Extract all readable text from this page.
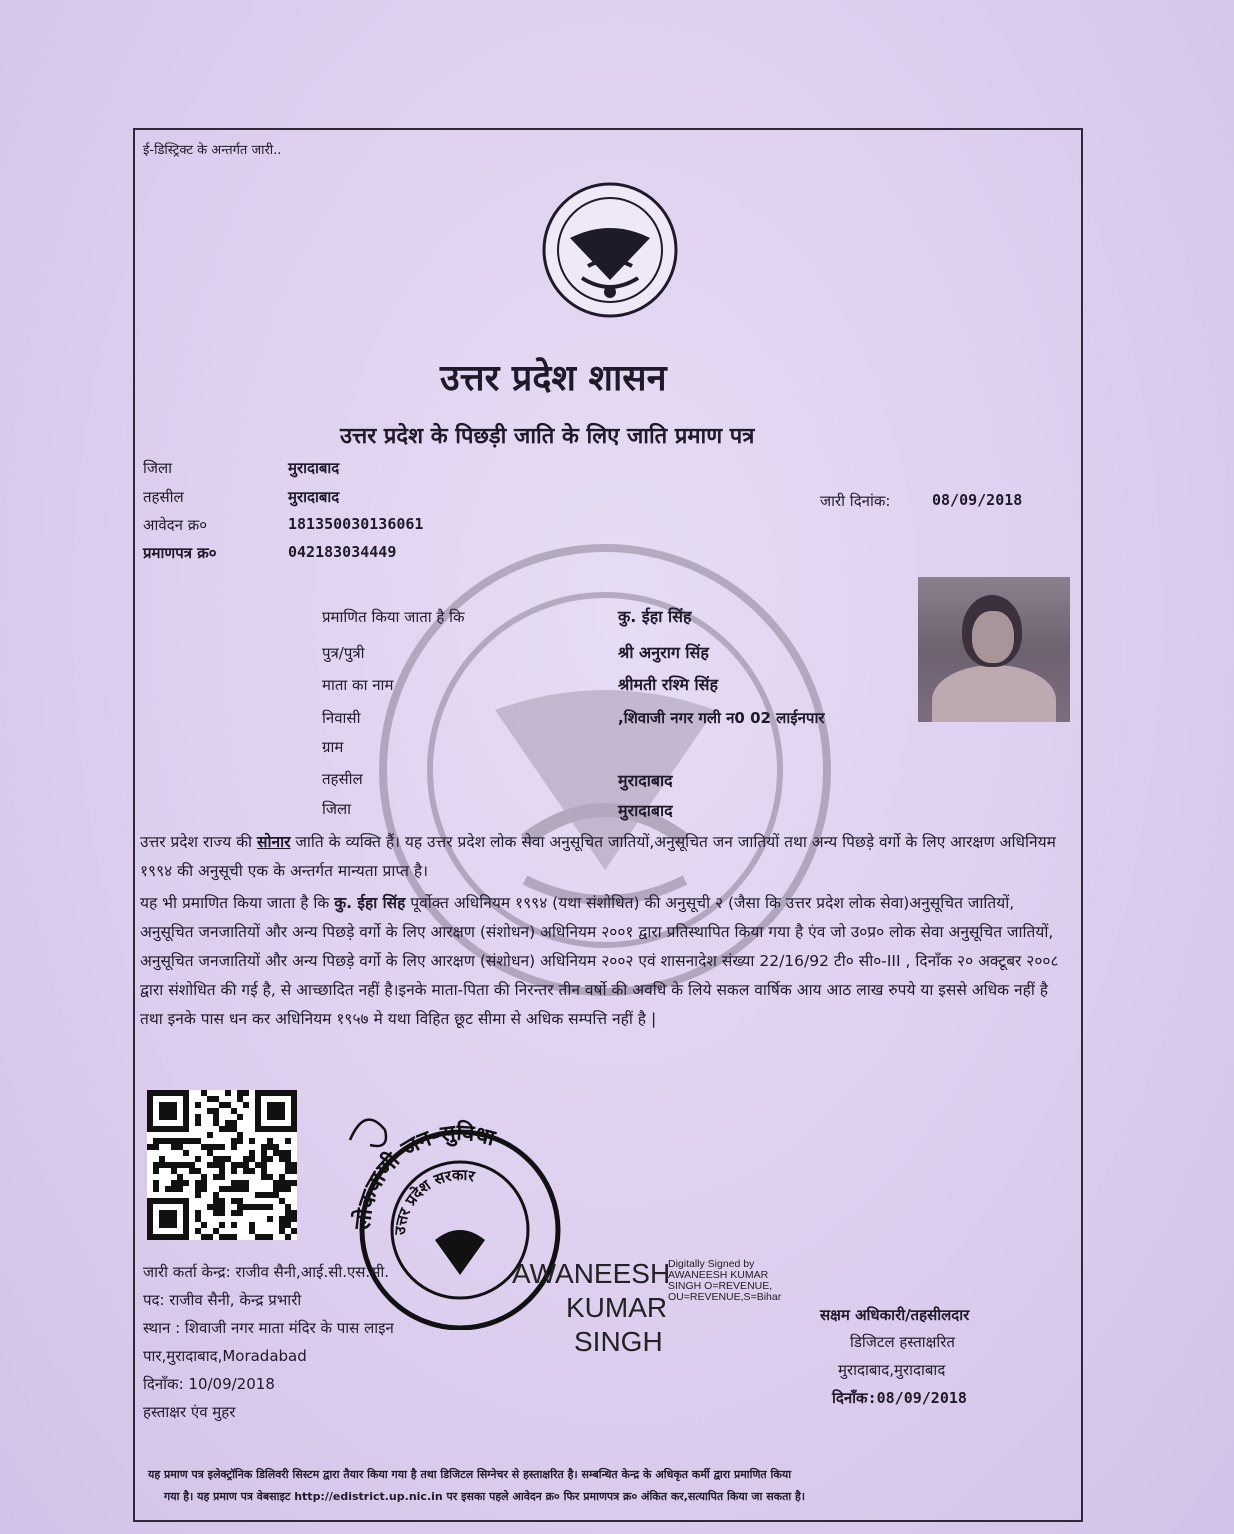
ई-डिस्ट्रिक्ट के अन्तर्गत जारी..
उत्तर प्रदेश शासन
उत्तर प्रदेश के पिछड़ी जाति के लिए जाति प्रमाण पत्र
जिला	मुरादाबाद
तहसील	मुरादाबाद
आवेदन क्र०	181350030136061
प्रमाणपत्र क्र०	042183034449
जारी दिनांक:	08/09/2018
प्रमाणित किया जाता है कि	कु. ईहा सिंह
पुत्र/पुत्री	श्री अनुराग सिंह
माता का नाम	श्रीमती रश्मि सिंह
निवासी	,शिवाजी नगर गली न0 02 लाईनपार
ग्राम
तहसील	मुरादाबाद
जिला	मुरादाबाद
उत्तर प्रदेश राज्य की सोनार जाति के व्यक्ति हैं। यह उत्तर प्रदेश लोक सेवा अनुसूचित जातियों,अनुसूचित जन जातियों तथा अन्य पिछड़े वर्गो के लिए आरक्षण अधिनियम १९९४ की अनुसूची एक के अन्तर्गत मान्यता प्राप्त है।
यह भी प्रमाणित किया जाता है कि कु. ईहा सिंह पूर्वोक्त अधिनियम १९९४ (यथा संशोधित) की अनुसूची २ (जैसा कि उत्तर प्रदेश लोक सेवा)अनुसूचित जातियों, अनुसूचित जनजातियों और अन्य पिछड़े वर्गो के लिए आरक्षण (संशोधन) अधिनियम २००१ द्वारा प्रतिस्थापित किया गया है एंव जो उ०प्र० लोक सेवा अनुसूचित जातियों, अनुसूचित जनजातियों और अन्य पिछड़े वर्गो के लिए आरक्षण (संशोधन) अधिनियम २००२ एवं शासनादेश संख्या 22/16/92 टी० सी०-III , दिनाँक २० अक्टूबर २००८ द्वारा संशोधित की गई है, से आच्छादित नहीं है।इनके माता-पिता की निरन्तर तीन वर्षो की अवधि के लिये सकल वार्षिक आय आठ लाख रुपये या इससे अधिक नहीं है तथा इनके पास धन कर अधिनियम १९५७ मे यथा विहित छूट सीमा से अधिक सम्पत्ति नहीं है |
लोकवाणी जन-सुविधा
उत्तर प्रदेश सरकार
जारी कर्ता केन्द्र: राजीव सैनी,आई.सी.एस.सी.
पद: राजीव सैनी, केन्द्र प्रभारी
स्थान : शिवाजी नगर माता मंदिर के पास लाइन
पार,मुरादाबाद,Moradabad
दिनाँक: 10/09/2018
हस्ताक्षर एंव मुहर
AWANEESH
KUMAR
SINGH
Digitally Signed by
AWANEESH KUMAR
SINGH O=REVENUE,
OU=REVENUE,S=Bihar
सक्षम अधिकारी/तहसीलदार
डिजिटल हस्ताक्षरित
मुरादाबाद,मुरादाबाद
दिनाँक:08/09/2018
यह प्रमाण पत्र इलेक्ट्रॉनिक डिलिवरी सिस्टम द्वारा तैयार किया गया है तथा डिजिटल सिग्नेचर से हस्ताक्षरित है। सम्बन्धित केन्द्र के अधिकृत कर्मी द्वारा प्रमाणित किया
गया है। यह प्रमाण पत्र वेबसाइट http://edistrict.up.nic.in पर इसका पहले आवेदन क्र० फिर प्रमाणपत्र क्र० अंकित कर,सत्यापित किया जा सकता है।
